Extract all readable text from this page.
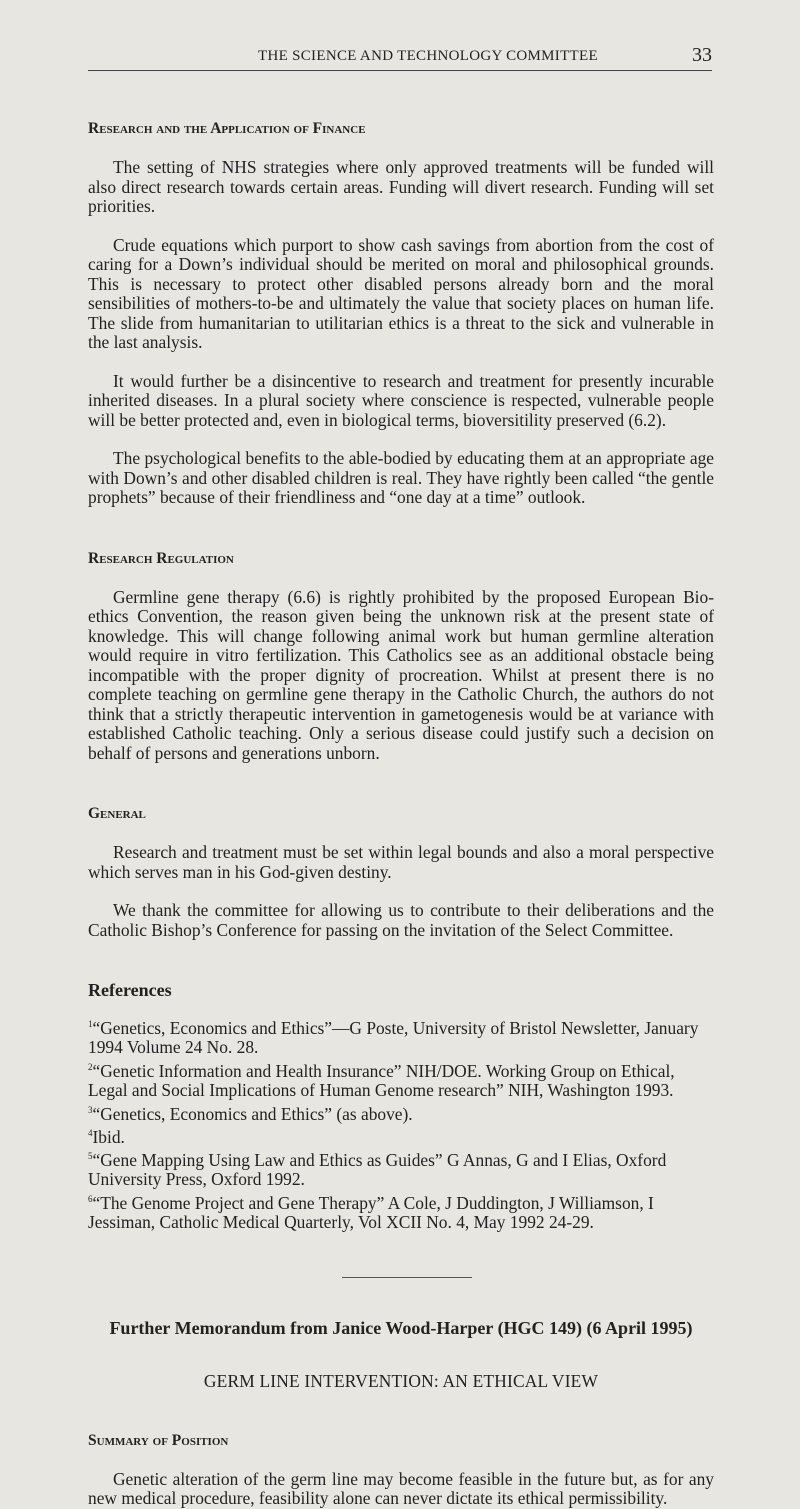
THE SCIENCE AND TECHNOLOGY COMMITTEE	33
Research and the Application of Finance

The setting of NHS strategies where only approved treatments will be funded will also direct research towards certain areas. Funding will divert research. Funding will set priorities.

Crude equations which purport to show cash savings from abortion from the cost of caring for a Down’s individual should be merited on moral and philosophical grounds. This is necessary to protect other disabled persons already born and the moral sensibilities of mothers-to-be and ultimately the value that society places on human life. The slide from humanitarian to utilitarian ethics is a threat to the sick and vulnerable in the last analysis.

It would further be a disincentive to research and treatment for presently incurable inherited diseases. In a plural society where conscience is respected, vulnerable people will be better protected and, even in biological terms, bioversitility preserved (6.2).

The psychological benefits to the able-bodied by educating them at an appropriate age with Down’s and other disabled children is real. They have rightly been called “the gentle prophets” because of their friendliness and “one day at a time” outlook.

Research Regulation

Germline gene therapy (6.6) is rightly prohibited by the proposed European Bio-ethics Convention, the reason given being the unknown risk at the present state of knowledge. This will change following animal work but human germline alteration would require in vitro fertilization. This Catholics see as an additional obstacle being incompatible with the proper dignity of procreation. Whilst at present there is no complete teaching on germline gene therapy in the Catholic Church, the authors do not think that a strictly therapeutic intervention in gametogenesis would be at variance with established Catholic teaching. Only a serious disease could justify such a decision on behalf of persons and generations unborn.

General

Research and treatment must be set within legal bounds and also a moral perspective which serves man in his God-given destiny.

We thank the committee for allowing us to contribute to their deliberations and the Catholic Bishop’s Conference for passing on the invitation of the Select Committee.

References

$^1$“Genetics, Economics and Ethics”—G Poste, University of Bristol Newsletter, January 1994 Volume 24 No. 28.

$^2$“Genetic Information and Health Insurance” NIH/DOE. Working Group on Ethical, Legal and Social Implications of Human Genome research” NIH, Washington 1993.

$^3$“Genetics, Economics and Ethics” (as above).

$^4$Ibid.

$^5$“Gene Mapping Using Law and Ethics as Guides” G Annas, G and I Elias, Oxford University Press, Oxford 1992.

$^6$“The Genome Project and Gene Therapy” A Cole, J Duddington, J Williamson, I Jessiman, Catholic Medical Quarterly, Vol XCII No. 4, May 1992 24-29.

Further Memorandum from Janice Wood-Harper (HGC 149) (6 April 1995)

GERM LINE INTERVENTION: AN ETHICAL VIEW

Summary of Position

Genetic alteration of the germ line may become feasible in the future but, as for any new medical procedure, feasibility alone can never dictate its ethical permissibility.
